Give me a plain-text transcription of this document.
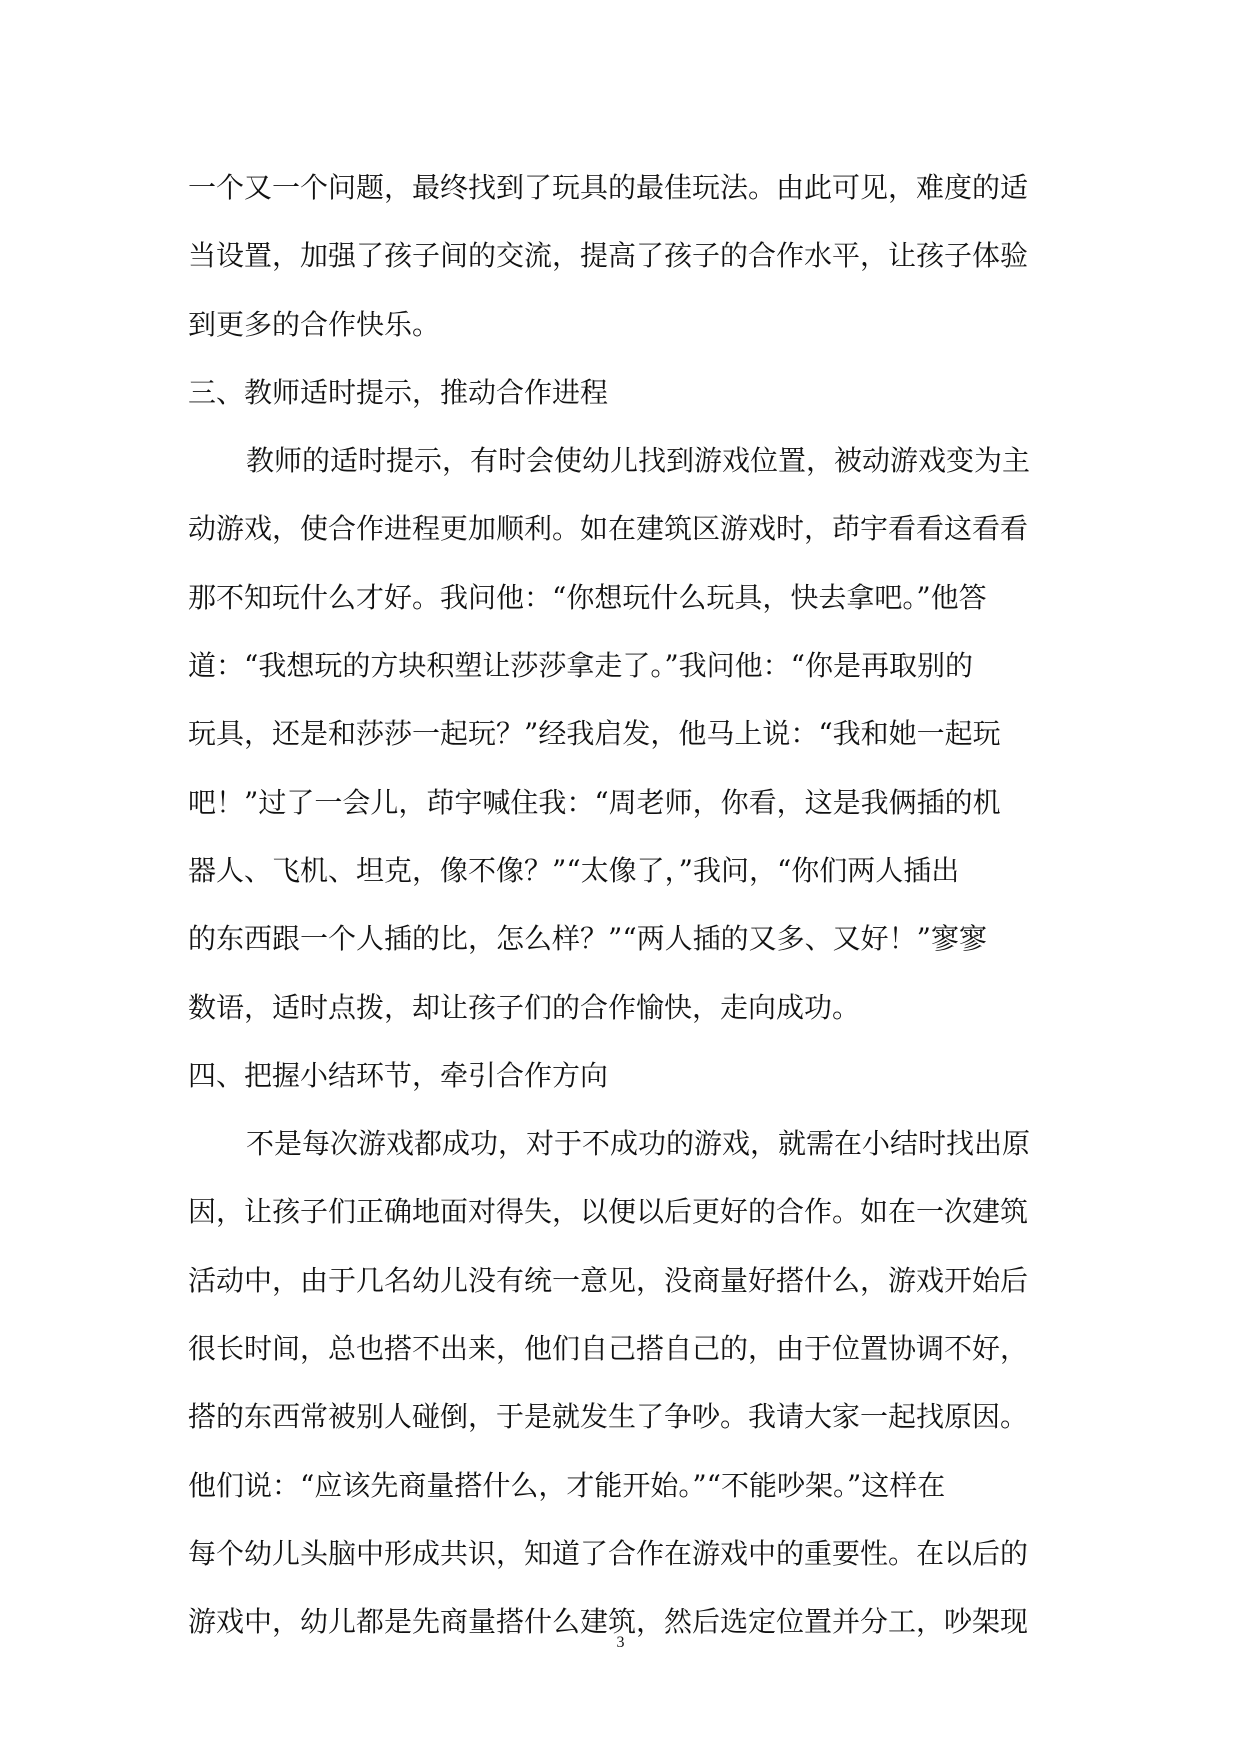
一个又一个问题，最终找到了玩具的最佳玩法。由此可见，难度的适
当设置，加强了孩子间的交流，提高了孩子的合作水平，让孩子体验
到更多的合作快乐。
三、教师适时提示，推动合作进程
教师的适时提示，有时会使幼儿找到游戏位置，被动游戏变为主
动游戏，使合作进程更加顺利。如在建筑区游戏时，茚宇看看这看看
那不知玩什么才好。我问他：“你想玩什么玩具，快去拿吧。”他答
道：“我想玩的方块积塑让莎莎拿走了。”我问他：“你是再取别的
玩具，还是和莎莎一起玩？”经我启发，他马上说：“我和她一起玩
吧！”过了一会儿，茚宇喊住我：“周老师，你看，这是我俩插的机
器人、飞机、坦克，像不像？”“太像了，”我问，“你们两人插出
的东西跟一个人插的比，怎么样？”“两人插的又多、又好！”寥寥
数语，适时点拨，却让孩子们的合作愉快，走向成功。
四、把握小结环节，牵引合作方向
不是每次游戏都成功，对于不成功的游戏，就需在小结时找出原
因，让孩子们正确地面对得失，以便以后更好的合作。如在一次建筑
活动中，由于几名幼儿没有统一意见，没商量好搭什么，游戏开始后
很长时间，总也搭不出来，他们自己搭自己的，由于位置协调不好，
搭的东西常被别人碰倒，于是就发生了争吵。我请大家一起找原因。
他们说：“应该先商量搭什么，才能开始。”“不能吵架。”这样在
每个幼儿头脑中形成共识，知道了合作在游戏中的重要性。在以后的
游戏中，幼儿都是先商量搭什么建筑，然后选定位置并分工，吵架现
3
